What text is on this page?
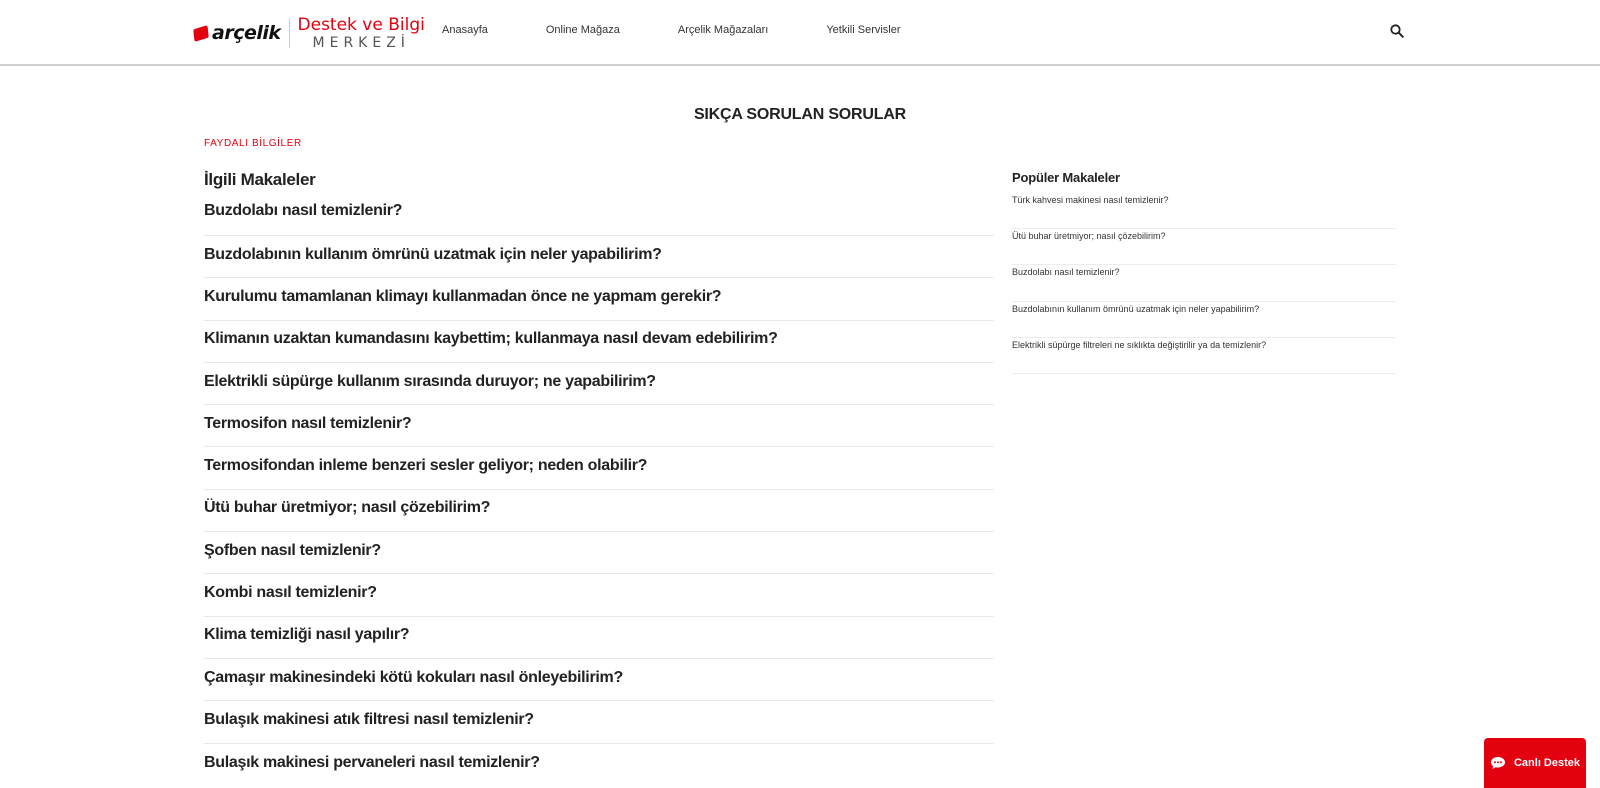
arçelik Destek ve Bilgi
MERKEZİ
Anasayfa	Online Mağaza	Arçelik Mağazaları	Yetkili Servisler
SIKÇA SORULAN SORULAR
FAYDALI BİLGİLER
İlgili Makaleler
Buzdolabı nasıl temizlenir?
Buzdolabının kullanım ömrünü uzatmak için neler yapabilirim?
Kurulumu tamamlanan klimayı kullanmadan önce ne yapmam gerekir?
Klimanın uzaktan kumandasını kaybettim; kullanmaya nasıl devam edebilirim?
Elektrikli süpürge kullanım sırasında duruyor; ne yapabilirim?
Termosifon nasıl temizlenir?
Termosifondan inleme benzeri sesler geliyor; neden olabilir?
Ütü buhar üretmiyor; nasıl çözebilirim?
Şofben nasıl temizlenir?
Kombi nasıl temizlenir?
Klima temizliği nasıl yapılır?
Çamaşır makinesindeki kötü kokuları nasıl önleyebilirim?
Bulaşık makinesi atık filtresi nasıl temizlenir?
Bulaşık makinesi pervaneleri nasıl temizlenir?
Popüler Makaleler
Türk kahvesi makinesi nasıl temizlenir?
Ütü buhar üretmiyor; nasıl çözebilirim?
Buzdolabı nasıl temizlenir?
Buzdolabının kullanım ömrünü uzatmak için neler yapabilirim?
Elektrikli süpürge filtreleri ne sıklıkta değiştirilir ya da temizlenir?
Canlı Destek
